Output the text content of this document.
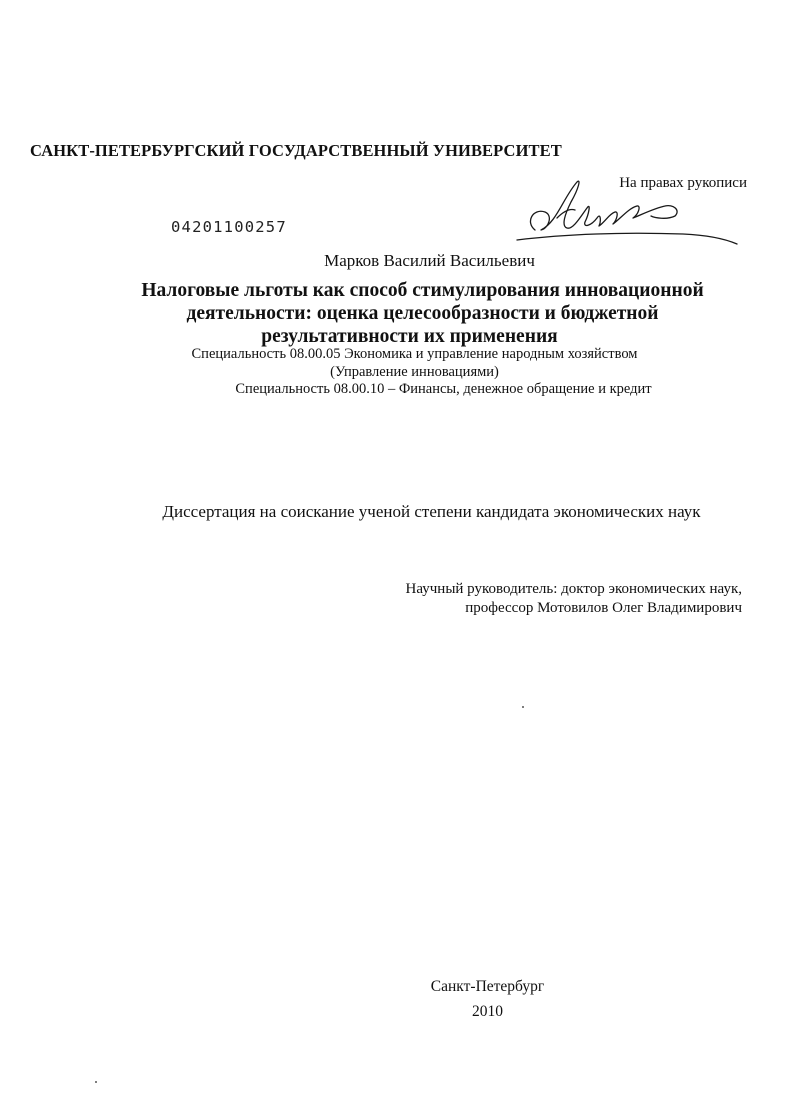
САНКТ-ПЕТЕРБУРГСКИЙ ГОСУДАРСТВЕННЫЙ УНИВЕРСИТЕТ
На правах рукописи
04201100257
Марков Василий Васильевич
Налоговые льготы как способ стимулирования инновационной
деятельности: оценка целесообразности и бюджетной
результативности их применения
Специальность 08.00.05 Экономика и управление народным хозяйством
(Управление инновациями)
Специальность 08.00.10 – Финансы, денежное обращение и кредит
Диссертация на соискание ученой степени кандидата экономических наук
Научный руководитель: доктор экономических наук,
профессор Мотовилов Олег Владимирович
Санкт-Петербург
2010
